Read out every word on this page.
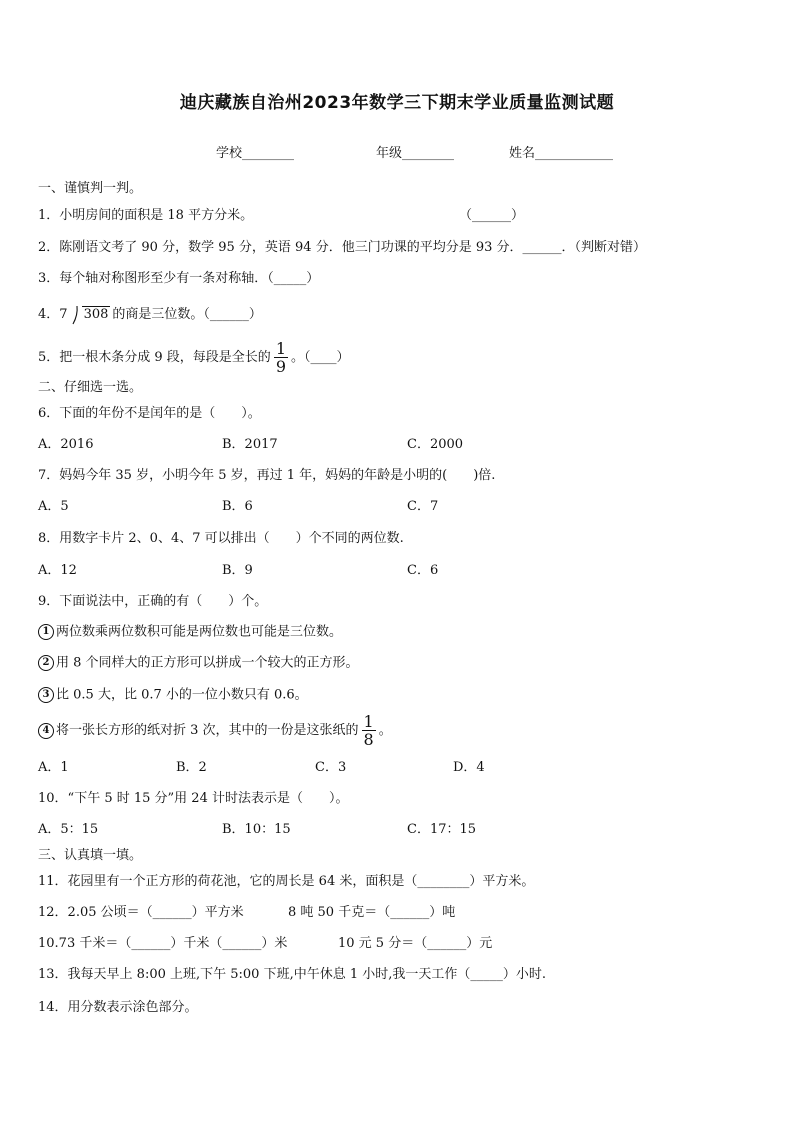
迪庆藏族自治州2023年数学三下期末学业质量监测试题
学校________	年级________	姓名____________
一、谨慎判一判。
1．小明房间的面积是 18 平方分米。	（______）
2．陈刚语文考了 90 分，数学 95 分，英语 94 分．他三门功课的平均分是 93 分．______．（判断对错）
3．每个轴对称图形至少有一条对称轴．（_____）
4．7 308 的商是三位数。（______）
5．把一根木条分成 9 段，每段是全长的 $\frac{1}{9}$ 。（____）
二、仔细选一选。
6．下面的年份不是闰年的是（　　）。
A．2016	B．2017	C．2000
7．妈妈今年 35 岁，小明今年 5 岁，再过 1 年，妈妈的年龄是小明的(　　)倍.
A．5	B．6	C．7
8．用数字卡片 2、0、4、7 可以排出（　　）个不同的两位数.
A．12	B．9	C．6
9．下面说法中，正确的有（　　）个。
1 两位数乘两位数积可能是两位数也可能是三位数。
2 用 8 个同样大的正方形可以拼成一个较大的正方形。
3 比 0.5 大，比 0.7 小的一位小数只有 0.6。
4 将一张长方形的纸对折 3 次，其中的一份是这张纸的 $\frac{1}{8}$ 。
A．1	B．2	C．3	D．4
10．“下午 5 时 15 分”用 24 计时法表示是（　　）。
A．5：15	B．10：15	C．17：15
三、认真填一填。
11．花园里有一个正方形的荷花池，它的周长是 64 米，面积是（________）平方米。
12．2.05 公顷＝（______）平方米	8 吨 50 千克＝（______）吨
10.73 千米＝（______）千米（______）米	10 元 5 分＝（______）元
13．我每天早上 8:00 上班,下午 5:00 下班,中午休息 1 小时,我一天工作（_____）小时.
14．用分数表示涂色部分。
